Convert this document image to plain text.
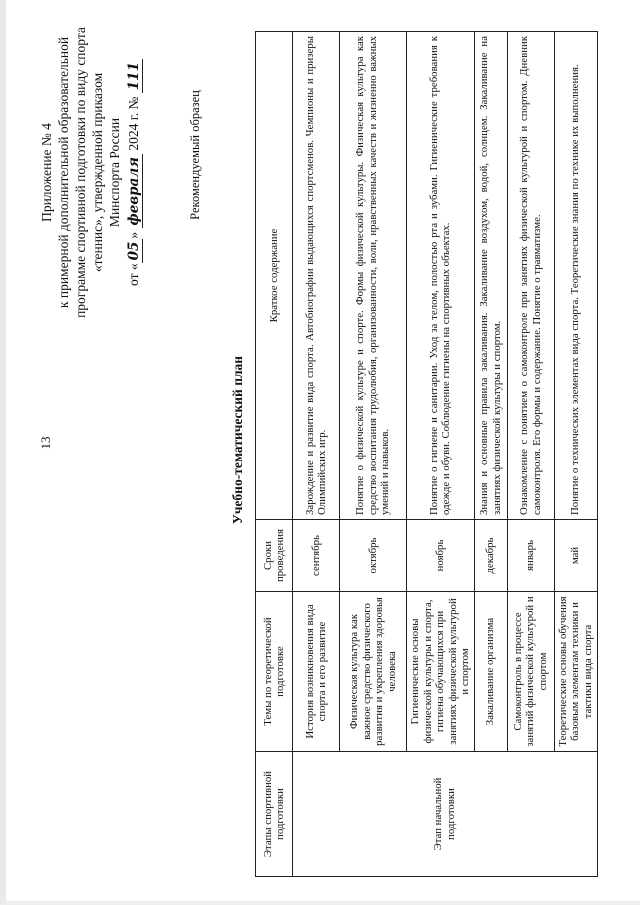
13
Приложение № 4 к примерной дополнительной образовательной программе спортивной подготовки по виду спорта «теннис», утвержденной приказом Минспорта России
от «05» февраля 2024 г. № 111
Рекомендуемый образец
Учебно-тематический план
Этапы спортивной подготовки	Темы по теоретической подготовке	Сроки проведения	Краткое содержание
Этап начальной подготовки	История возникновения вида спорта и его развитие	сентябрь	Зарождение и развитие вида спорта. Автобиографии выдающихся спортсменов. Чемпионы и призеры Олимпийских игр.
	Физическая культура как важное средство физического развития и укрепления здоровья человека	октябрь	Понятие о физической культуре и спорте. Формы физической культуры. Физическая культура как средство воспитания трудолюбия, организованности, воли, нравственных качеств и жизненно важных умений и навыков.
	Гигиенические основы физической культуры и спорта, гигиена обучающихся при занятиях физической культурой и спортом	ноябрь	Понятие о гигиене и санитарии. Уход за телом, полостью рта и зубами. Гигиенические требования к одежде и обуви. Соблюдение гигиены на спортивных объектах.
	Закаливание организма	декабрь	Знания и основные правила закаливания. Закаливание воздухом, водой, солнцем. Закаливание на занятиях физической культуры и спортом.
	Самоконтроль в процессе занятий физической культурой и спортом	январь	Ознакомление с понятием о самоконтроле при занятиях физической культурой и спортом. Дневник самоконтроля. Его формы и содержание. Понятие о травматизме.
	Теоретические основы обучения базовым элементам техники и тактики вида спорта	май	Понятие о технических элементах вида спорта. Теоретические знания по технике их выполнения.
